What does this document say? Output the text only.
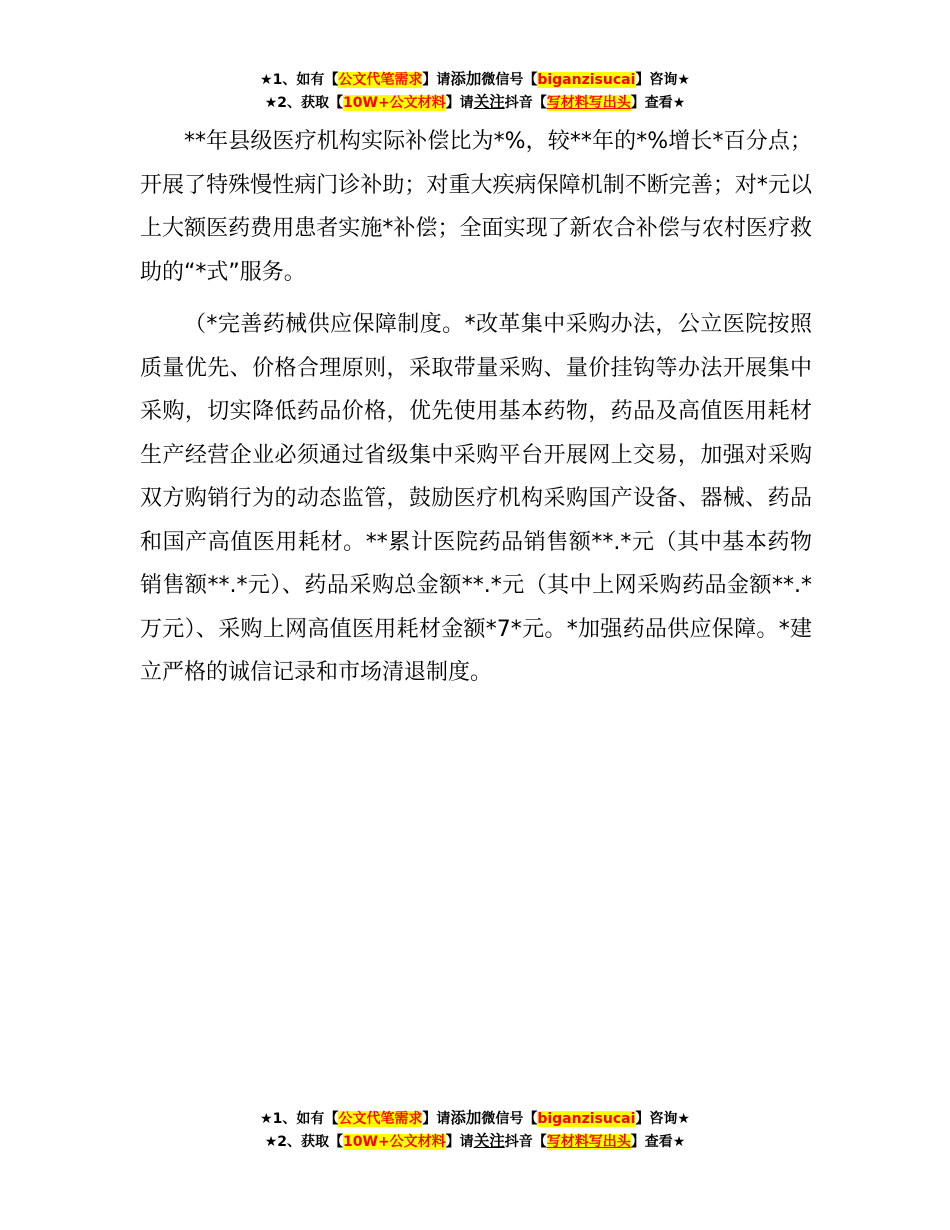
★1、如有【公文代笔需求】请添加微信号【biganzisucai】咨询★
★2、获取【10W+公文材料】请关注抖音【写材料写出头】查看★

**年县级医疗机构实际补偿比为*%，较**年的*%增长*百分点；开展了特殊慢性病门诊补助；对重大疾病保障机制不断完善；对*元以上大额医药费用患者实施*补偿；全面实现了新农合补偿与农村医疗救助的“*式”服务。

（*完善药械供应保障制度。*改革集中采购办法，公立医院按照质量优先、价格合理原则，采取带量采购、量价挂钩等办法开展集中采购，切实降低药品价格，优先使用基本药物，药品及高值医用耗材生产经营企业必须通过省级集中采购平台开展网上交易，加强对采购双方购销行为的动态监管，鼓励医疗机构采购国产设备、器械、药品和国产高值医用耗材。**累计医院药品销售额**.*元（其中基本药物销售额**.*元）、药品采购总金额**.*元（其中上网采购药品金额**.*万元）、采购上网高值医用耗材金额*7*元。*加强药品供应保障。*建立严格的诚信记录和市场清退制度。

★1、如有【公文代笔需求】请添加微信号【biganzisucai】咨询★
★2、获取【10W+公文材料】请关注抖音【写材料写出头】查看★
